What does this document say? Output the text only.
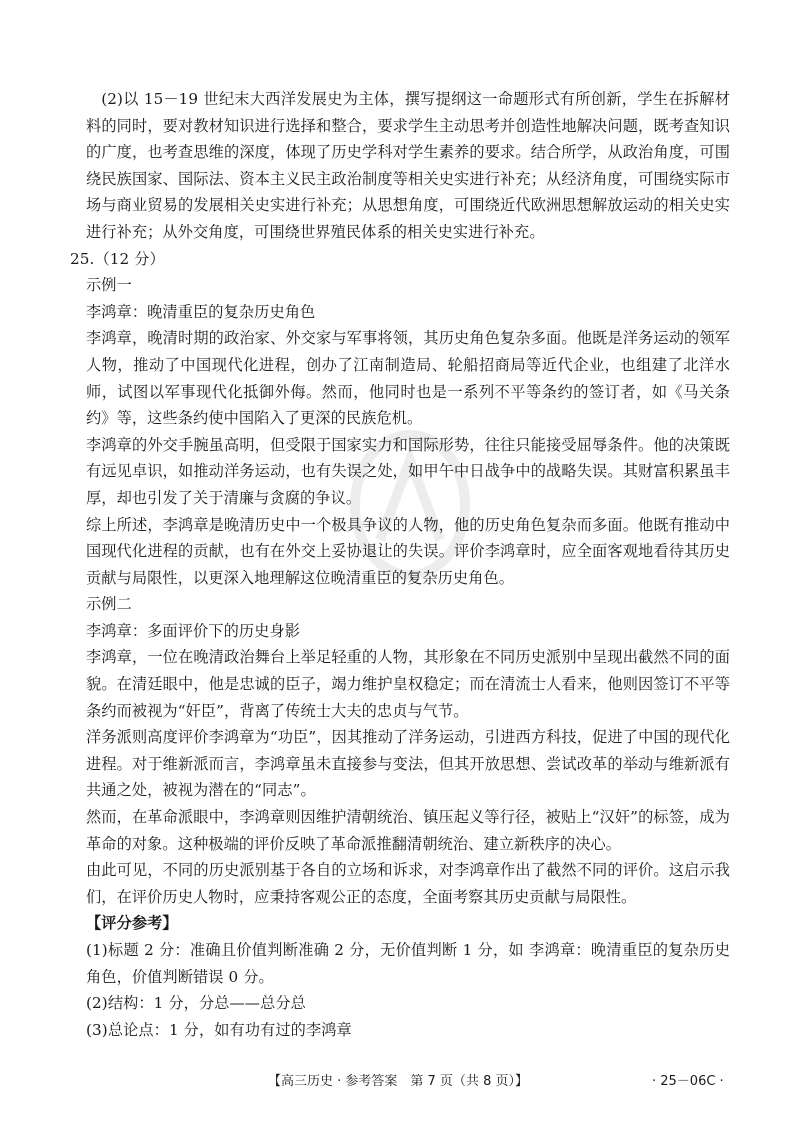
(2)以 15－19 世纪末大西洋发展史为主体，撰写提纲这一命题形式有所创新，学生在拆解材料的同时，要对教材知识进行选择和整合，要求学生主动思考并创造性地解决问题，既考查知识的广度，也考查思维的深度，体现了历史学科对学生素养的要求。结合所学，从政治角度，可围绕民族国家、国际法、资本主义民主政治制度等相关史实进行补充；从经济角度，可围绕实际市场与商业贸易的发展相关史实进行补充；从思想角度，可围绕近代欧洲思想解放运动的相关史实进行补充；从外交角度，可围绕世界殖民体系的相关史实进行补充。

25.（12 分）

示例一

李鸿章：晚清重臣的复杂历史角色

李鸿章，晚清时期的政治家、外交家与军事将领，其历史角色复杂多面。他既是洋务运动的领军人物，推动了中国现代化进程，创办了江南制造局、轮船招商局等近代企业，也组建了北洋水师，试图以军事现代化抵御外侮。然而，他同时也是一系列不平等条约的签订者，如《马关条约》等，这些条约使中国陷入了更深的民族危机。

李鸿章的外交手腕虽高明，但受限于国家实力和国际形势，往往只能接受屈辱条件。他的决策既有远见卓识，如推动洋务运动，也有失误之处，如甲午中日战争中的战略失误。其财富积累虽丰厚，却也引发了关于清廉与贪腐的争议。

综上所述，李鸿章是晚清历史中一个极具争议的人物，他的历史角色复杂而多面。他既有推动中国现代化进程的贡献，也有在外交上妥协退让的失误。评价李鸿章时，应全面客观地看待其历史贡献与局限性，以更深入地理解这位晚清重臣的复杂历史角色。

示例二

李鸿章：多面评价下的历史身影

李鸿章，一位在晚清政治舞台上举足轻重的人物，其形象在不同历史派别中呈现出截然不同的面貌。在清廷眼中，他是忠诚的臣子，竭力维护皇权稳定；而在清流士人看来，他则因签订不平等条约而被视为“奸臣”，背离了传统士大夫的忠贞与气节。

洋务派则高度评价李鸿章为“功臣”，因其推动了洋务运动，引进西方科技，促进了中国的现代化进程。对于维新派而言，李鸿章虽未直接参与变法，但其开放思想、尝试改革的举动与维新派有共通之处，被视为潜在的“同志”。

然而，在革命派眼中，李鸿章则因维护清朝统治、镇压起义等行径，被贴上“汉奸”的标签，成为革命的对象。这种极端的评价反映了革命派推翻清朝统治、建立新秩序的决心。

由此可见，不同的历史派别基于各自的立场和诉求，对李鸿章作出了截然不同的评价。这启示我们，在评价历史人物时，应秉持客观公正的态度，全面考察其历史贡献与局限性。

【评分参考】

(1)标题 2 分：准确且价值判断准确 2 分，无价值判断 1 分，如 李鸿章：晚清重臣的复杂历史角色，价值判断错误 0 分。

(2)结构：1 分，分总——总分总

(3)总论点：1 分，如有功有过的李鸿章

【高三历史 · 参考答案　第 7 页（共 8 页）】	· 25－06C ·
